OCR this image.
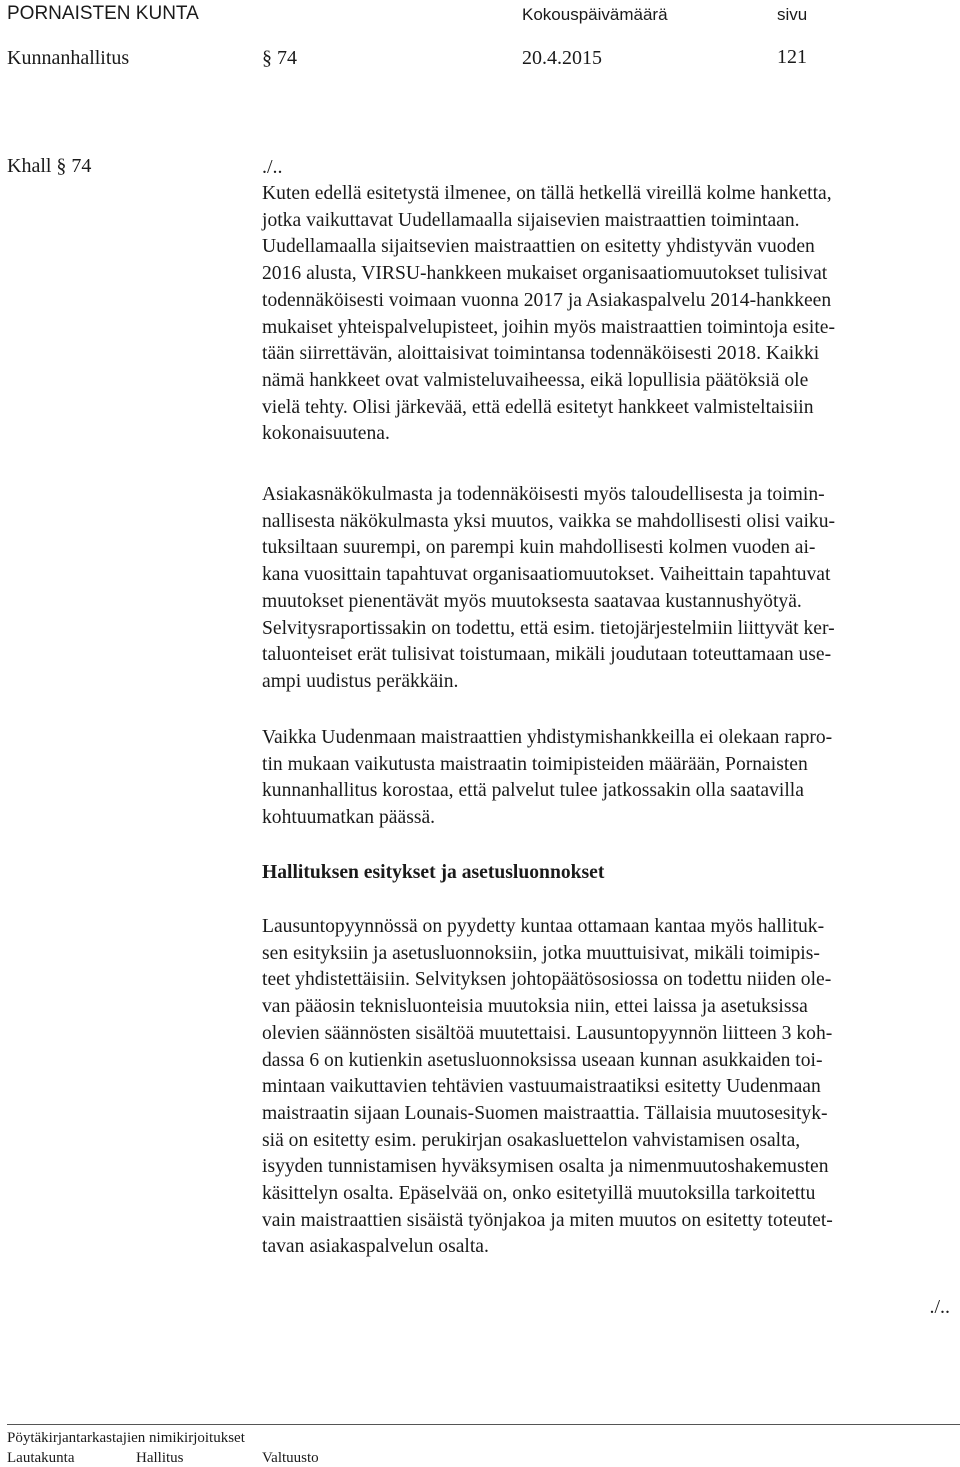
PORNAISTEN KUNTA	Kokouspäivämäärä	sivu
Kunnanhallitus	§ 74	20.4.2015	121
Khall § 74	./..

Kuten edellä esitetystä ilmenee, on tällä hetkellä vireillä kolme hanketta,
jotka vaikuttavat Uudellamaalla sijaisevien maistraattien toimintaan.
Uudellamaalla sijaitsevien maistraattien on esitetty yhdistyvän vuoden
2016 alusta, VIRSU-hankkeen mukaiset organisaatiomuutokset tulisivat
todennäköisesti voimaan vuonna 2017 ja Asiakaspalvelu 2014-hankkeen
mukaiset yhteispalvelupisteet, joihin myös maistraattien toimintoja esite-
tään siirrettävän, aloittaisivat toimintansa todennäköisesti 2018. Kaikki
nämä hankkeet ovat valmisteluvaiheessa, eikä lopullisia päätöksiä ole
vielä tehty. Olisi järkevää, että edellä esitetyt hankkeet valmisteltaisiin
kokonaisuutena.

Asiakasnäkökulmasta ja todennäköisesti myös taloudellisesta ja toimin-
nallisesta näkökulmasta yksi muutos, vaikka se mahdollisesti olisi vaiku-
tuksiltaan suurempi, on parempi kuin mahdollisesti kolmen vuoden ai-
kana vuosittain tapahtuvat organisaatiomuutokset. Vaiheittain tapahtuvat
muutokset pienentävät myös muutoksesta saatavaa kustannushyötyä.
Selvitysraportissakin on todettu, että esim. tietojärjestelmiin liittyvät ker-
taluonteiset erät tulisivat toistumaan, mikäli joudutaan toteuttamaan use-
ampi uudistus peräkkäin.

Vaikka Uudenmaan maistraattien yhdistymishankkeilla ei olekaan rapro-
tin mukaan vaikutusta maistraatin toimipisteiden määrään, Pornaisten
kunnanhallitus korostaa, että palvelut tulee jatkossakin olla saatavilla
kohtuumatkan päässä.

Hallituksen esitykset ja asetusluonnokset

Lausuntopyynnössä on pyydetty kuntaa ottamaan kantaa myös hallituk-
sen esityksiin ja asetusluonnoksiin, jotka muuttuisivat, mikäli toimipis-
teet yhdistettäisiin. Selvityksen johtopäätösosiossa on todettu niiden ole-
van pääosin teknisluonteisia muutoksia niin, ettei laissa ja asetuksissa
olevien säännösten sisältöä muutettaisi. Lausuntopyynnön liitteen 3 koh-
dassa 6 on kutienkin asetusluonnoksissa useaan kunnan asukkaiden toi-
mintaan vaikuttavien tehtävien vastuumaistraatiksi esitetty Uudenmaan
maistraatin sijaan Lounais-Suomen maistraattia. Tällaisia muutosesityk-
siä on esitetty esim. perukirjan osakasluettelon vahvistamisen osalta,
isyyden tunnistamisen hyväksymisen osalta ja nimenmuutoshakemusten
käsittelyn osalta. Epäselvää on, onko esitetyillä muutoksilla tarkoitettu
vain maistraattien sisäistä työnjakoa ja miten muutos on esitetty toteutet-
tavan asiakaspalvelun osalta.

./..
Pöytäkirjantarkastajien nimikirjoitukset
Lautakunta	Hallitus	Valtuusto
